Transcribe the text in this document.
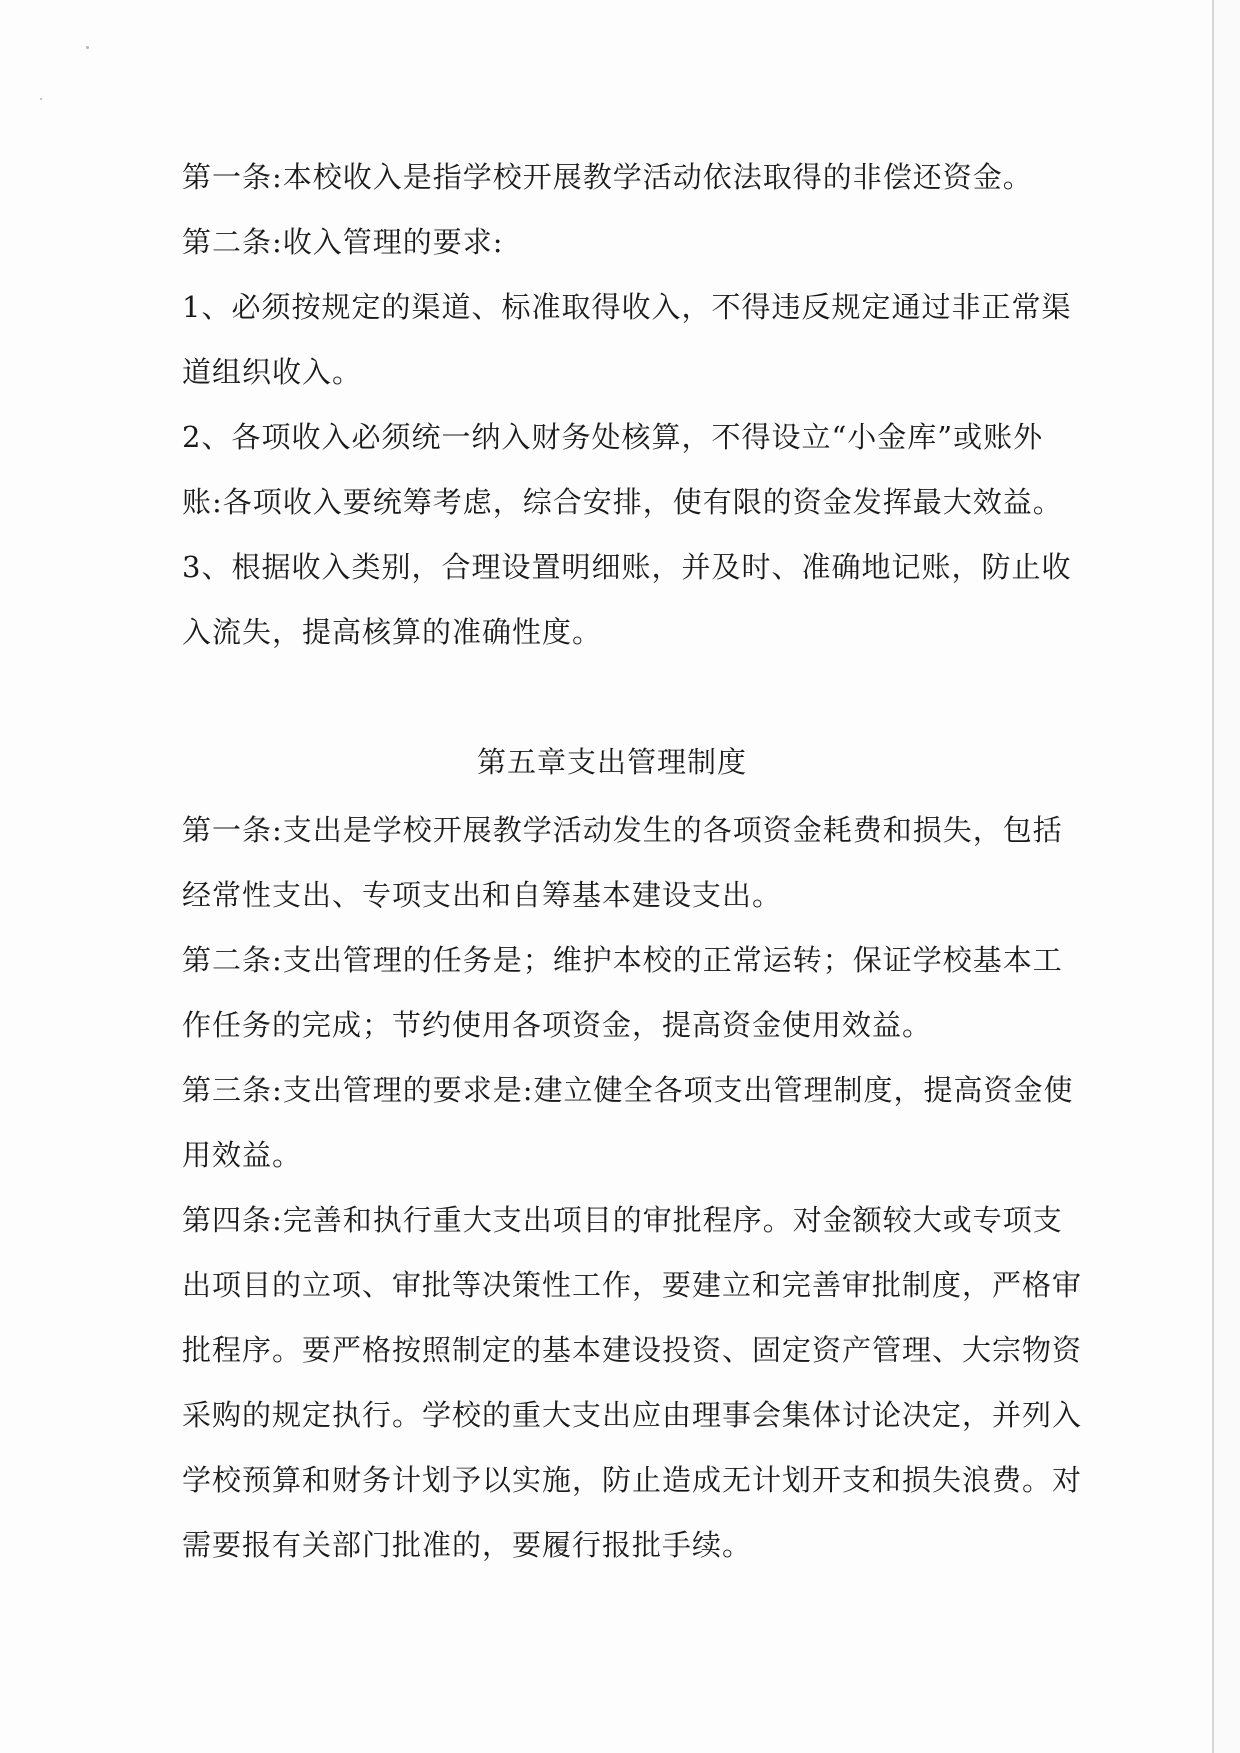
第一条:本校收入是指学校开展教学活动依法取得的非偿还资金。
第二条:收入管理的要求:
1、必须按规定的渠道、标准取得收入，不得违反规定通过非正常渠
道组织收入。
2、各项收入必须统一纳入财务处核算，不得设立“小金库”或账外
账:各项收入要统筹考虑，综合安排，使有限的资金发挥最大效益。
3、根据收入类别，合理设置明细账，并及时、准确地记账，防止收
入流失，提高核算的准确性度。
第五章支出管理制度
第一条:支出是学校开展教学活动发生的各项资金耗费和损失，包括
经常性支出、专项支出和自筹基本建设支出。
第二条:支出管理的任务是；维护本校的正常运转；保证学校基本工
作任务的完成；节约使用各项资金，提高资金使用效益。
第三条:支出管理的要求是:建立健全各项支出管理制度，提高资金使
用效益。
第四条:完善和执行重大支出项目的审批程序。对金额较大或专项支
出项目的立项、审批等决策性工作，要建立和完善审批制度，严格审
批程序。要严格按照制定的基本建设投资、固定资产管理、大宗物资
采购的规定执行。学校的重大支出应由理事会集体讨论决定，并列入
学校预算和财务计划予以实施，防止造成无计划开支和损失浪费。对
需要报有关部门批准的，要履行报批手续。
